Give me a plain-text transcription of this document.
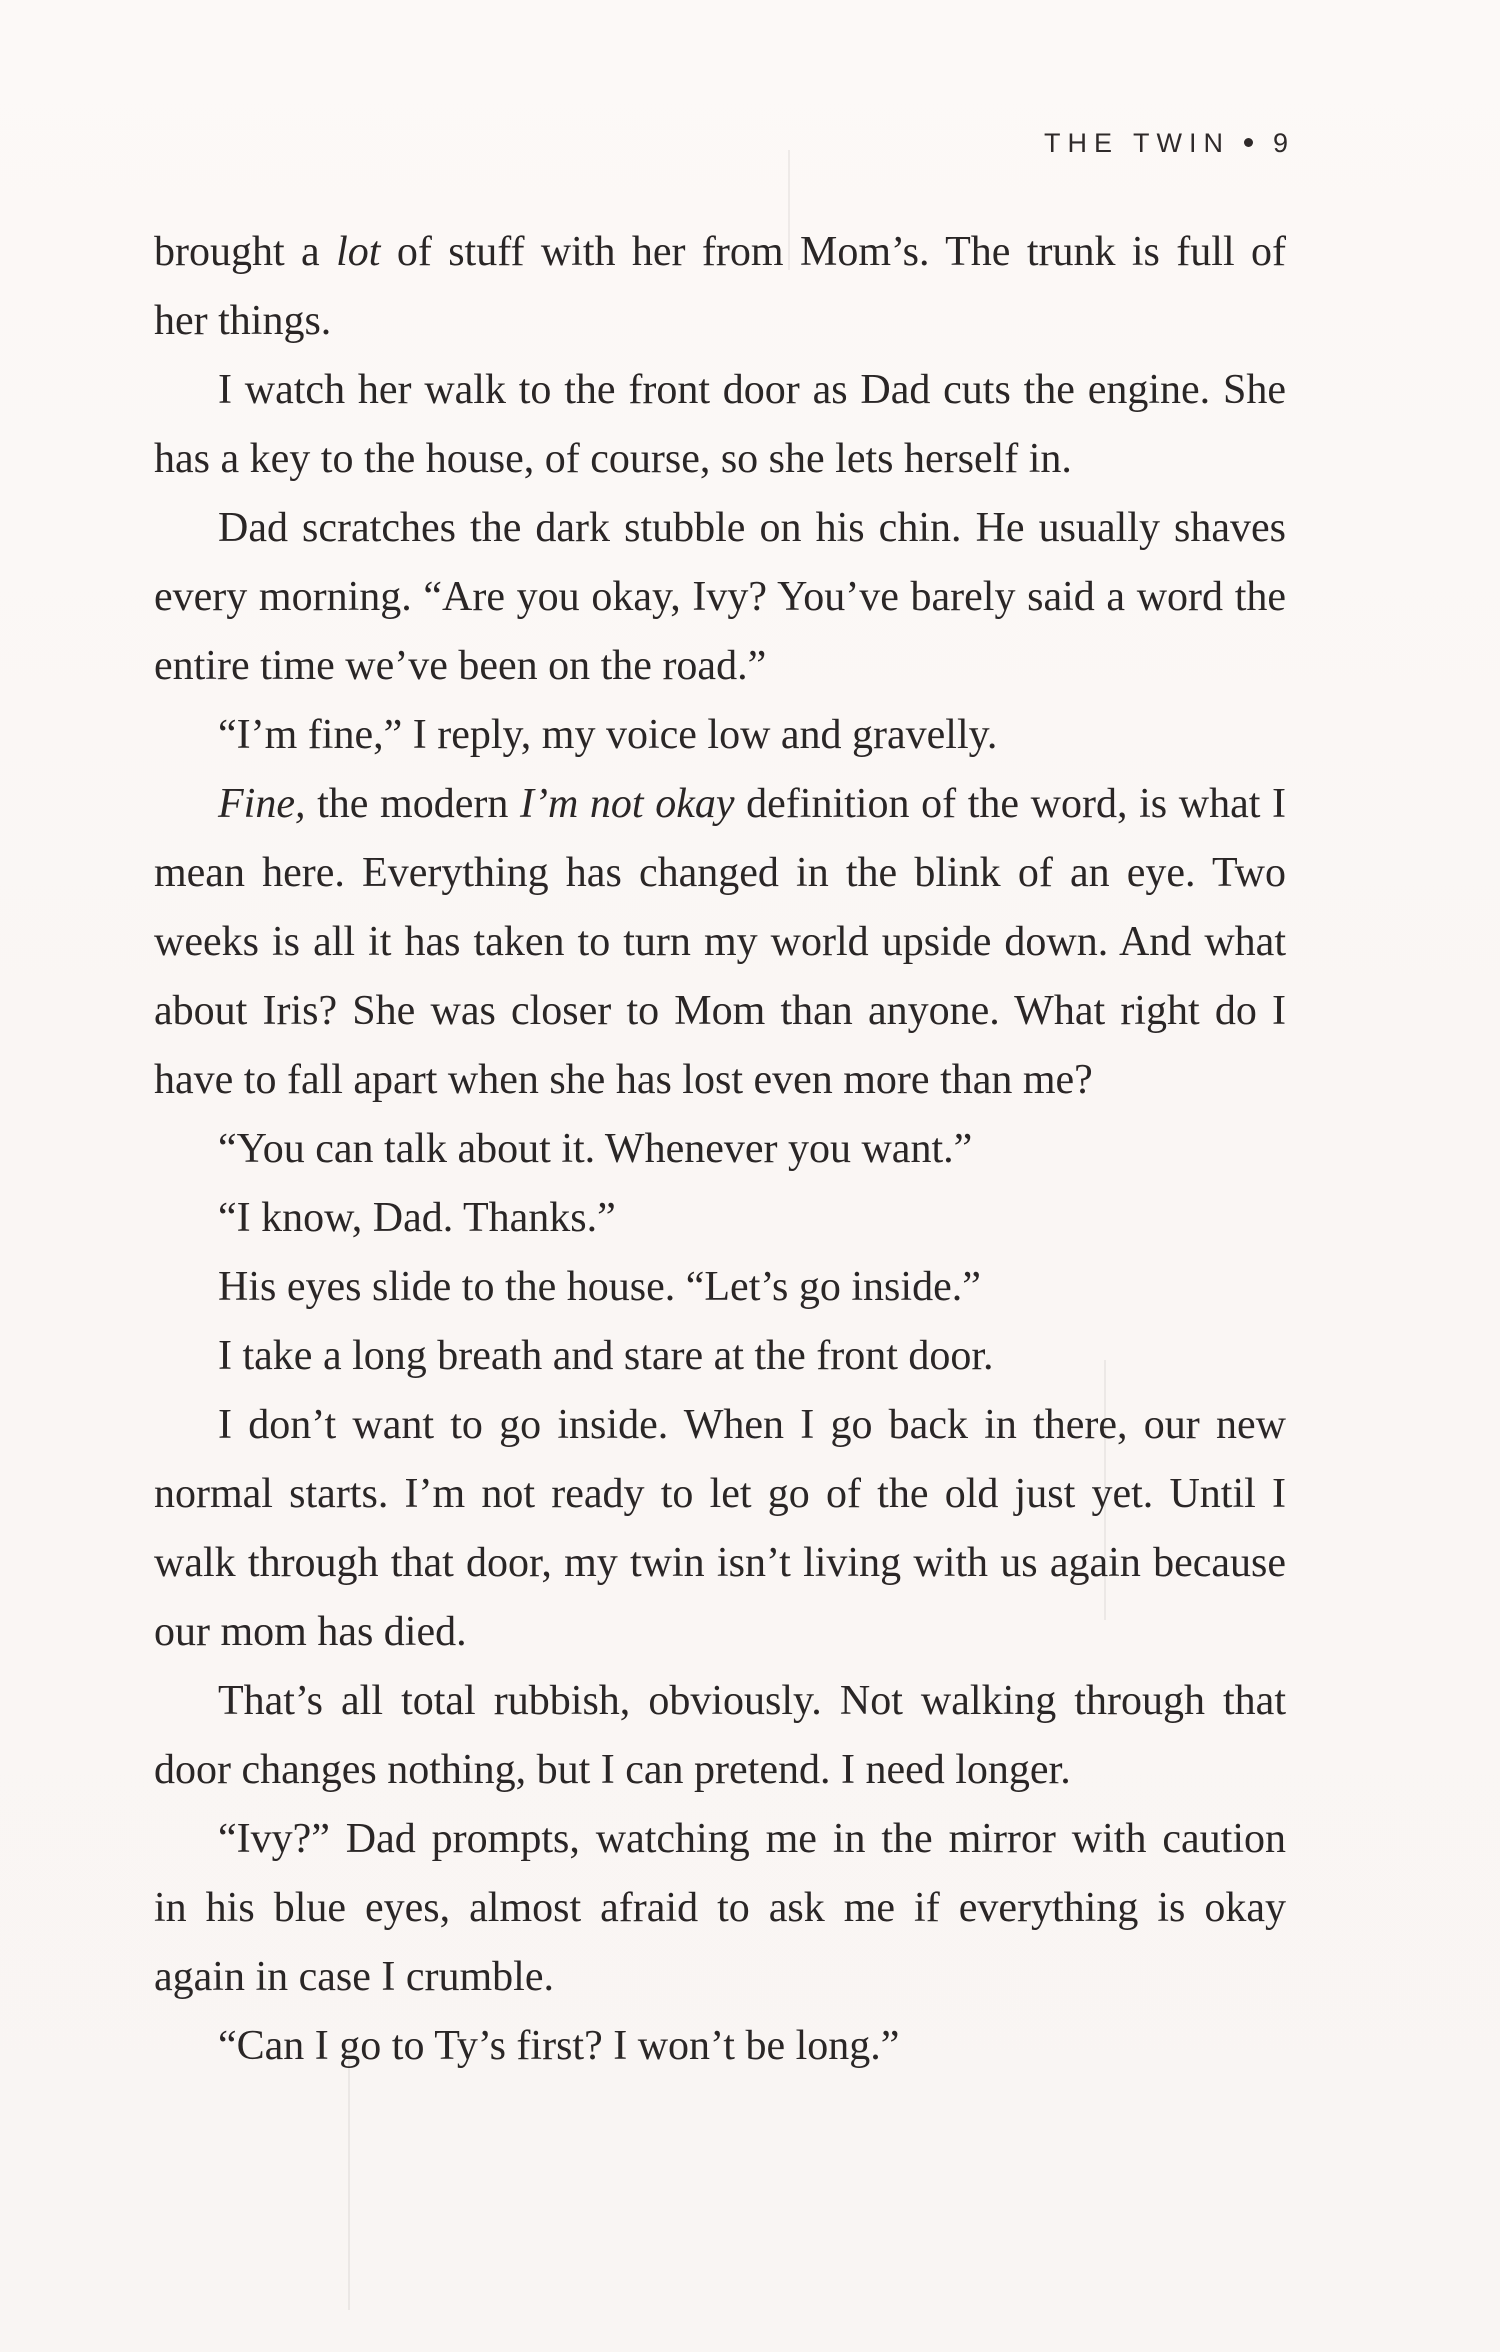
THE TWIN 9
brought a lot of stuff with her from Mom’s. The trunk is full of
her things.
I watch her walk to the front door as Dad cuts the engine. She
has a key to the house, of course, so she lets herself in.
Dad scratches the dark stubble on his chin. He usually shaves
every morning. “Are you okay, Ivy? You’ve barely said a word the
entire time we’ve been on the road.”
“I’m fine,” I reply, my voice low and gravelly.
Fine, the modern I’m not okay definition of the word, is what I
mean here. Everything has changed in the blink of an eye. Two
weeks is all it has taken to turn my world upside down. And what
about Iris? She was closer to Mom than anyone. What right do I
have to fall apart when she has lost even more than me?
“You can talk about it. Whenever you want.”
“I know, Dad. Thanks.”
His eyes slide to the house. “Let’s go inside.”
I take a long breath and stare at the front door.
I don’t want to go inside. When I go back in there, our new
normal starts. I’m not ready to let go of the old just yet. Until I
walk through that door, my twin isn’t living with us again because
our mom has died.
That’s all total rubbish, obviously. Not walking through that
door changes nothing, but I can pretend. I need longer.
“Ivy?” Dad prompts, watching me in the mirror with caution
in his blue eyes, almost afraid to ask me if everything is okay
again in case I crumble.
“Can I go to Ty’s first? I won’t be long.”
